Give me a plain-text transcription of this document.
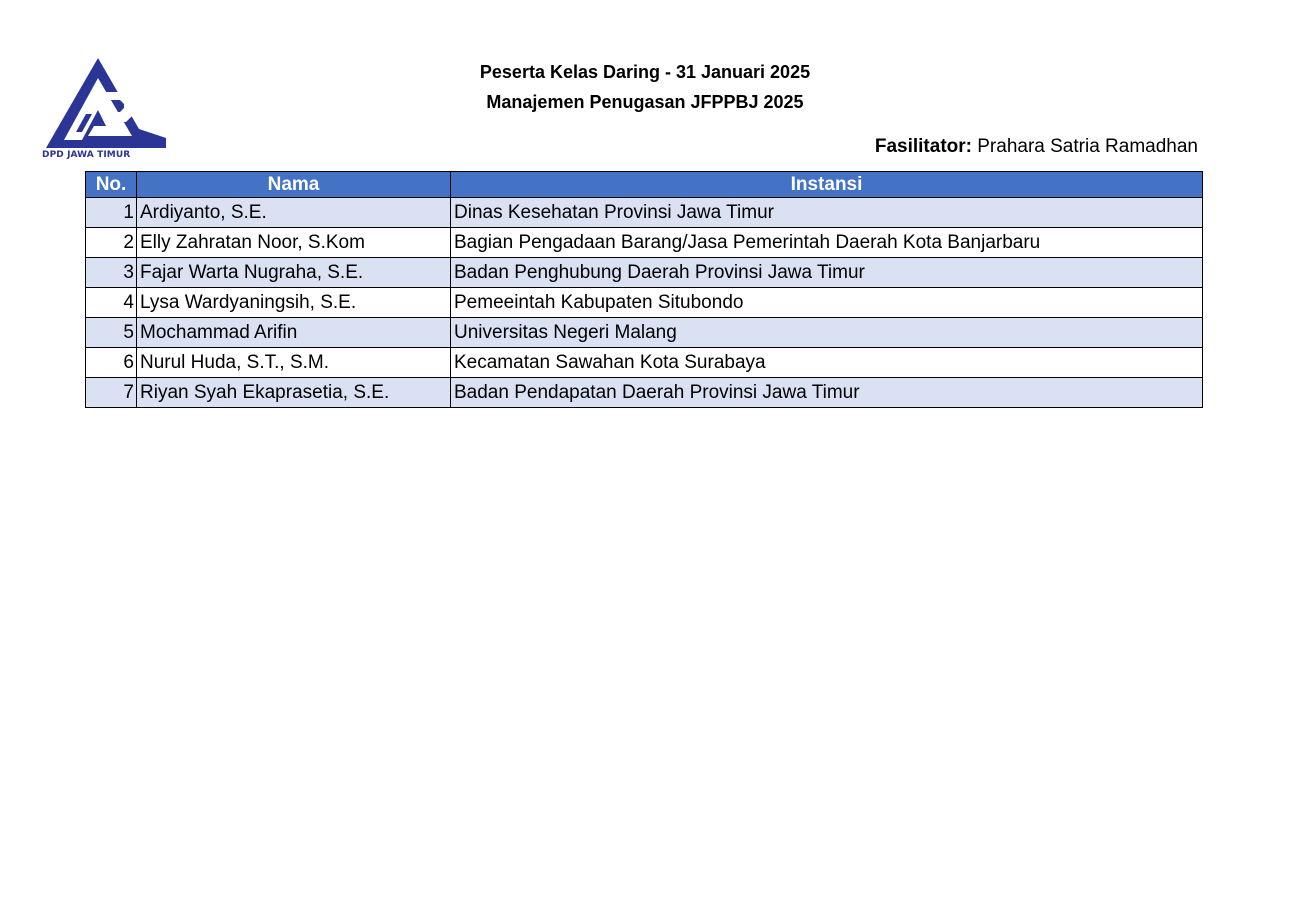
DPD JAWA TIMUR
Peserta Kelas Daring - 31 Januari 2025
Manajemen Penugasan JFPPBJ 2025
Fasilitator: Prahara Satria Ramadhan
No.	Nama	Instansi
1	Ardiyanto, S.E.	Dinas Kesehatan Provinsi Jawa Timur
2	Elly Zahratan Noor, S.Kom	Bagian Pengadaan Barang/Jasa Pemerintah Daerah Kota Banjarbaru
3	Fajar Warta Nugraha, S.E.	Badan Penghubung Daerah Provinsi Jawa Timur
4	Lysa Wardyaningsih, S.E.	Pemeeintah Kabupaten Situbondo
5	Mochammad Arifin	Universitas Negeri Malang
6	Nurul Huda, S.T., S.M.	Kecamatan Sawahan Kota Surabaya
7	Riyan Syah Ekaprasetia, S.E.	Badan Pendapatan Daerah Provinsi Jawa Timur
